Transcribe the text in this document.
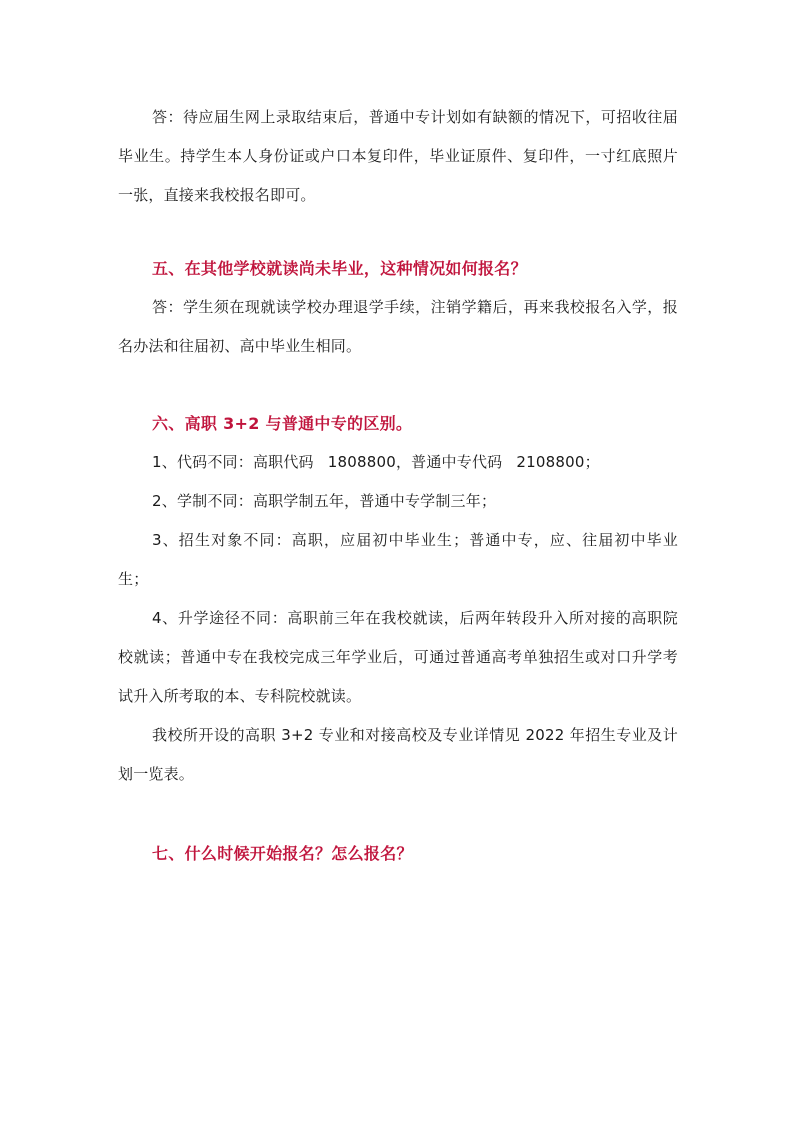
答：待应届生网上录取结束后，普通中专计划如有缺额的情况下，可招收往届毕业生。持学生本人身份证或户口本复印件，毕业证原件、复印件，一寸红底照片一张，直接来我校报名即可。

五、在其他学校就读尚未毕业，这种情况如何报名？

答：学生须在现就读学校办理退学手续，注销学籍后，再来我校报名入学，报名办法和往届初、高中毕业生相同。

六、高职 3+2 与普通中专的区别。

1、代码不同：高职代码 1808800，普通中专代码 2108800；

2、学制不同：高职学制五年，普通中专学制三年；

3、招生对象不同：高职，应届初中毕业生；普通中专，应、往届初中毕业生；

4、升学途径不同：高职前三年在我校就读，后两年转段升入所对接的高职院校就读；普通中专在我校完成三年学业后，可通过普通高考单独招生或对口升学考试升入所考取的本、专科院校就读。

我校所开设的高职 3+2 专业和对接高校及专业详情见 2022 年招生专业及计划一览表。

七、什么时候开始报名？怎么报名？
